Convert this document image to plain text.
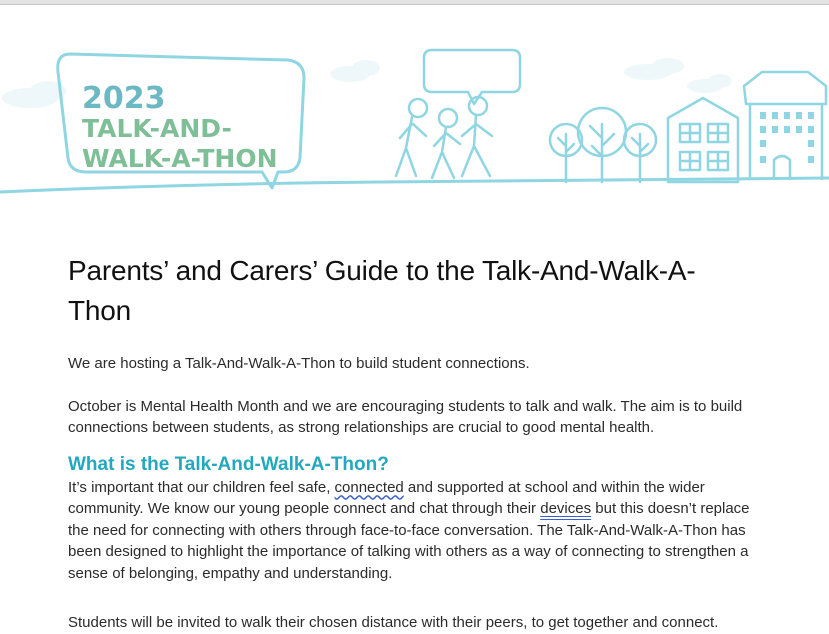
2023
TALK-AND-
WALK-A-THON
Parents’ and Carers’ Guide to the Talk-And-Walk-A-Thon

We are hosting a Talk-And-Walk-A-Thon to build student connections.

October is Mental Health Month and we are encouraging students to talk and walk. The aim is to build connections between students, as strong relationships are crucial to good mental health.

What is the Talk-And-Walk-A-Thon?

It’s important that our children feel safe, connected and supported at school and within the wider community. We know our young people connect and chat through their devices but this doesn’t replace the need for connecting with others through face-to-face conversation. The Talk-And-Walk-A-Thon has been designed to highlight the importance of talking with others as a way of connecting to strengthen a sense of belonging, empathy and understanding.

Students will be invited to walk their chosen distance with their peers, to get together and connect.
